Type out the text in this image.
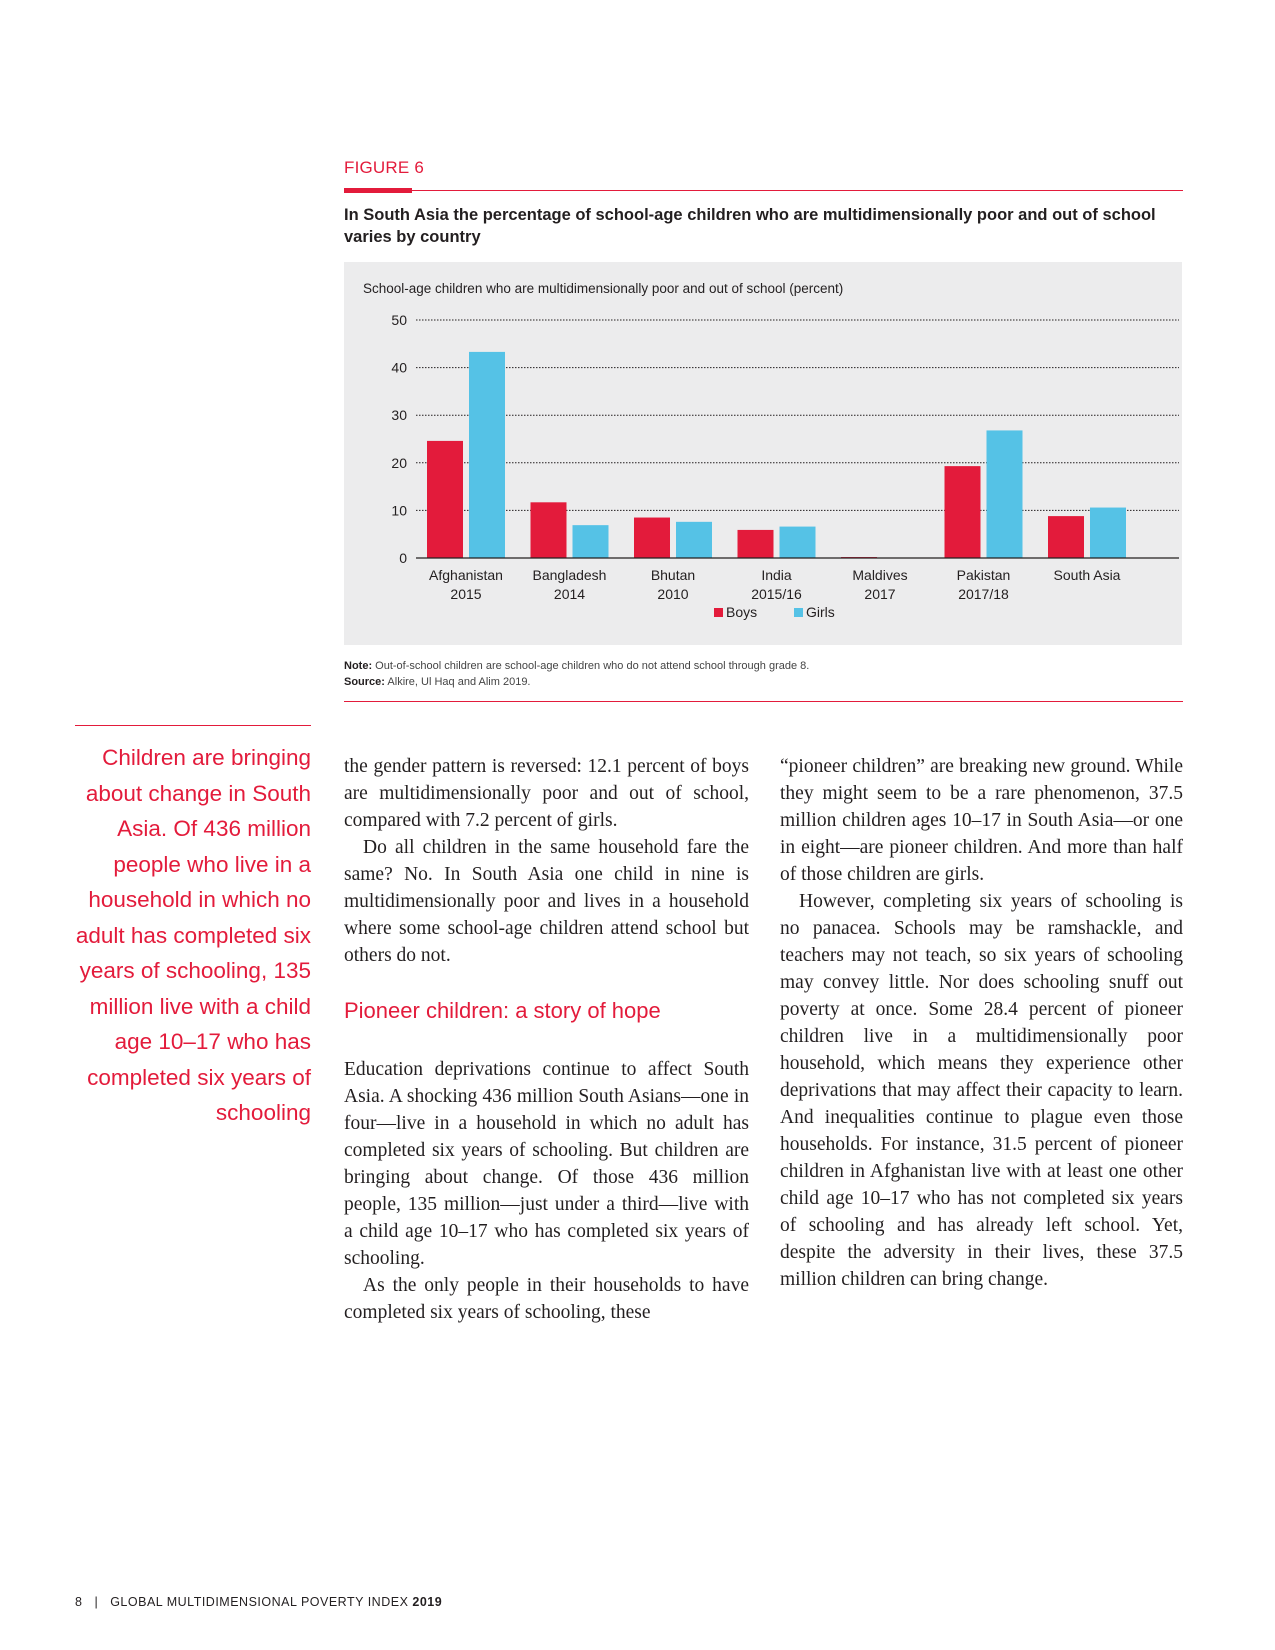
FIGURE 6
In South Asia the percentage of school-age children who are multidimensionally poor and out of school varies by country
School-age children who are multidimensionally poor and out of school (percent)
0
10
20
30
40
50
Afghanistan
2015
Bangladesh
2014
Bhutan
2010
India
2015/16
Maldives
2017
Pakistan
2017/18
South Asia
Boys	Girls
Note: Out-of-school children are school-age children who do not attend school through grade 8.
Source: Alkire, Ul Haq and Alim 2019.
Children are bringing about change in South Asia. Of 436 million people who live in a household in which no adult has completed six years of schooling, 135 million live with a child age 10–17 who has completed six years of schooling

the gender pattern is reversed: 12.1 percent of boys are multidimensionally poor and out of school, compared with 7.2 percent of girls.

Do all children in the same household fare the same? No. In South Asia one child in nine is multidimensionally poor and lives in a household where some school-age children attend school but others do not.

Pioneer children: a story of hope

Education deprivations continue to affect South Asia. A shocking 436 million South Asians—one in four—live in a household in which no adult has completed six years of schooling. But children are bringing about change. Of those 436 million people, 135 million—just under a third—live with a child age 10–17 who has completed six years of schooling.

As the only people in their households to have completed six years of schooling, these

“pioneer children” are breaking new ground. While they might seem to be a rare phenomenon, 37.5 million children ages 10–17 in South Asia—or one in eight—are pioneer children. And more than half of those children are girls.

However, completing six years of schooling is no panacea. Schools may be ramshackle, and teachers may not teach, so six years of schooling may convey little. Nor does schooling snuff out poverty at once. Some 28.4 percent of pioneer children live in a multidimensionally poor household, which means they experience other deprivations that may affect their capacity to learn. And inequalities continue to plague even those households. For instance, 31.5 percent of pioneer children in Afghanistan live with at least one other child age 10–17 who has not completed six years of schooling and has already left school. Yet, despite the adversity in their lives, these 37.5 million children can bring change.

8 | GLOBAL MULTIDIMENSIONAL POVERTY INDEX 2019
